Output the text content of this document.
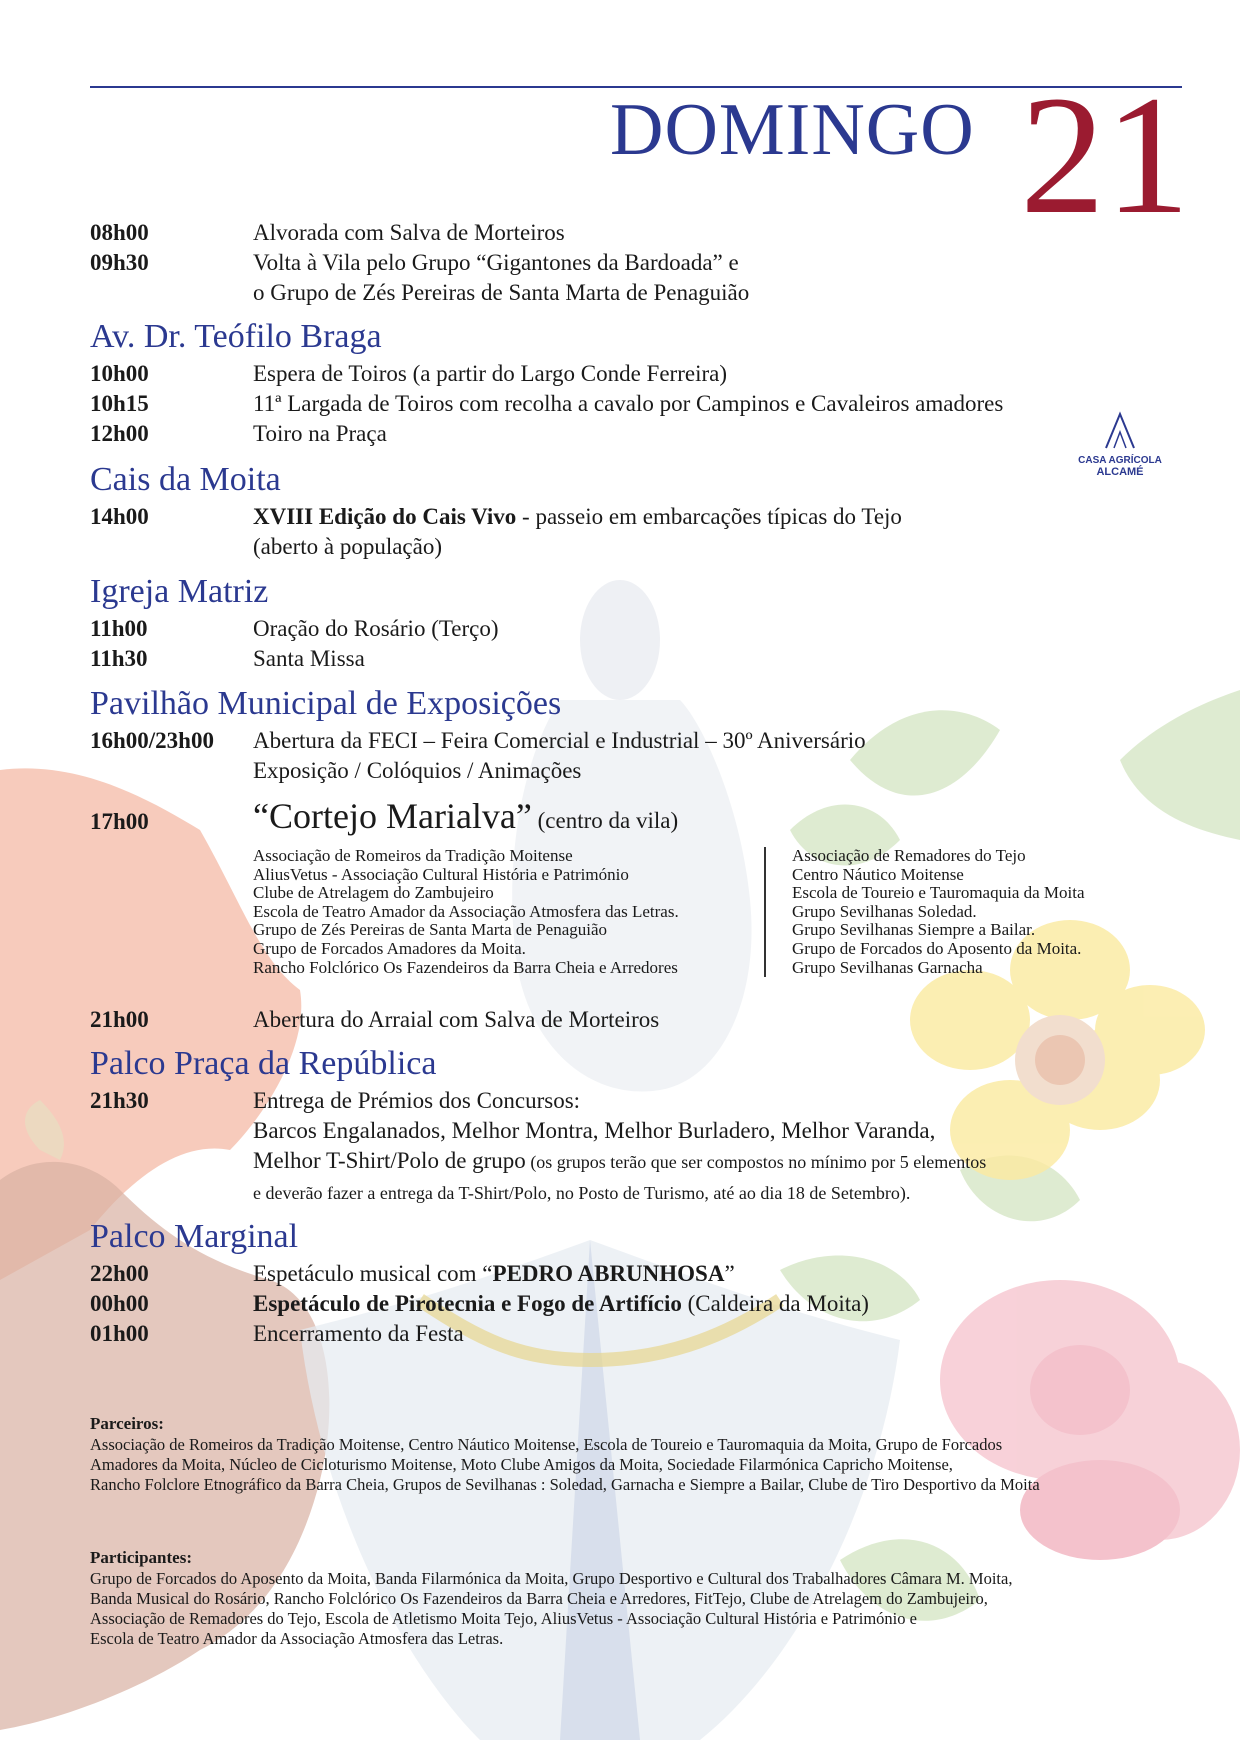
DOMINGO 21
08h00	Alvorada com Salva de Morteiros
09h30	Volta à Vila pelo Grupo “Gigantones da Bardoada” e
o Grupo de Zés Pereiras de Santa Marta de Penaguião
Av. Dr. Teófilo Braga
10h00	Espera de Toiros (a partir do Largo Conde Ferreira)
10h15	11ª Largada de Toiros com recolha a cavalo por Campinos e Cavaleiros amadores
12h00	Toiro na Praça
CASA AGRÍCOLA
ALCAMÉ
Cais da Moita
14h00	XVIII Edição do Cais Vivo - passeio em embarcações típicas do Tejo
(aberto à população)
Igreja Matriz
11h00	Oração do Rosário (Terço)
11h30	Santa Missa
Pavilhão Municipal de Exposições
16h00/23h00	Abertura da FECI – Feira Comercial e Industrial – 30º Aniversário
Exposição / Colóquios / Animações
17h00	“Cortejo Marialva” (centro da vila)
Associação de Romeiros da Tradição Moitense
AliusVetus - Associação Cultural História e Património
Clube de Atrelagem do Zambujeiro
Escola de Teatro Amador da Associação Atmosfera das Letras.
Grupo de Zés Pereiras de Santa Marta de Penaguião
Grupo de Forcados Amadores da Moita.
Rancho Folclórico Os Fazendeiros da Barra Cheia e Arredores
Associação de Remadores do Tejo
Centro Náutico Moitense
Escola de Toureio e Tauromaquia da Moita
Grupo Sevilhanas Soledad.
Grupo Sevilhanas Siempre a Bailar.
Grupo de Forcados do Aposento da Moita.
Grupo Sevilhanas Garnacha
21h00	Abertura do Arraial com Salva de Morteiros
Palco Praça da República
21h30	Entrega de Prémios dos Concursos:
Barcos Engalanados, Melhor Montra, Melhor Burladero, Melhor Varanda,
Melhor T-Shirt/Polo de grupo (os grupos terão que ser compostos no mínimo por 5 elementos
e deverão fazer a entrega da T-Shirt/Polo, no Posto de Turismo, até ao dia 18 de Setembro).
Palco Marginal
22h00	Espetáculo musical com “PEDRO ABRUNHOSA”
00h00	Espetáculo de Pirotecnia e Fogo de Artifício (Caldeira da Moita)
01h00	Encerramento da Festa
Parceiros:
Associação de Romeiros da Tradição Moitense, Centro Náutico Moitense, Escola de Toureio e Tauromaquia da Moita, Grupo de Forcados
Amadores da Moita, Núcleo de Cicloturismo Moitense, Moto Clube Amigos da Moita, Sociedade Filarmónica Capricho Moitense,
Rancho Folclore Etnográfico da Barra Cheia, Grupos de Sevilhanas : Soledad, Garnacha e Siempre a Bailar, Clube de Tiro Desportivo da Moita
Participantes:
Grupo de Forcados do Aposento da Moita, Banda Filarmónica da Moita, Grupo Desportivo e Cultural dos Trabalhadores Câmara M. Moita,
Banda Musical do Rosário, Rancho Folclórico Os Fazendeiros da Barra Cheia e Arredores, FitTejo, Clube de Atrelagem do Zambujeiro,
Associação de Remadores do Tejo, Escola de Atletismo Moita Tejo, AliusVetus - Associação Cultural História e Património e
Escola de Teatro Amador da Associação Atmosfera das Letras.
